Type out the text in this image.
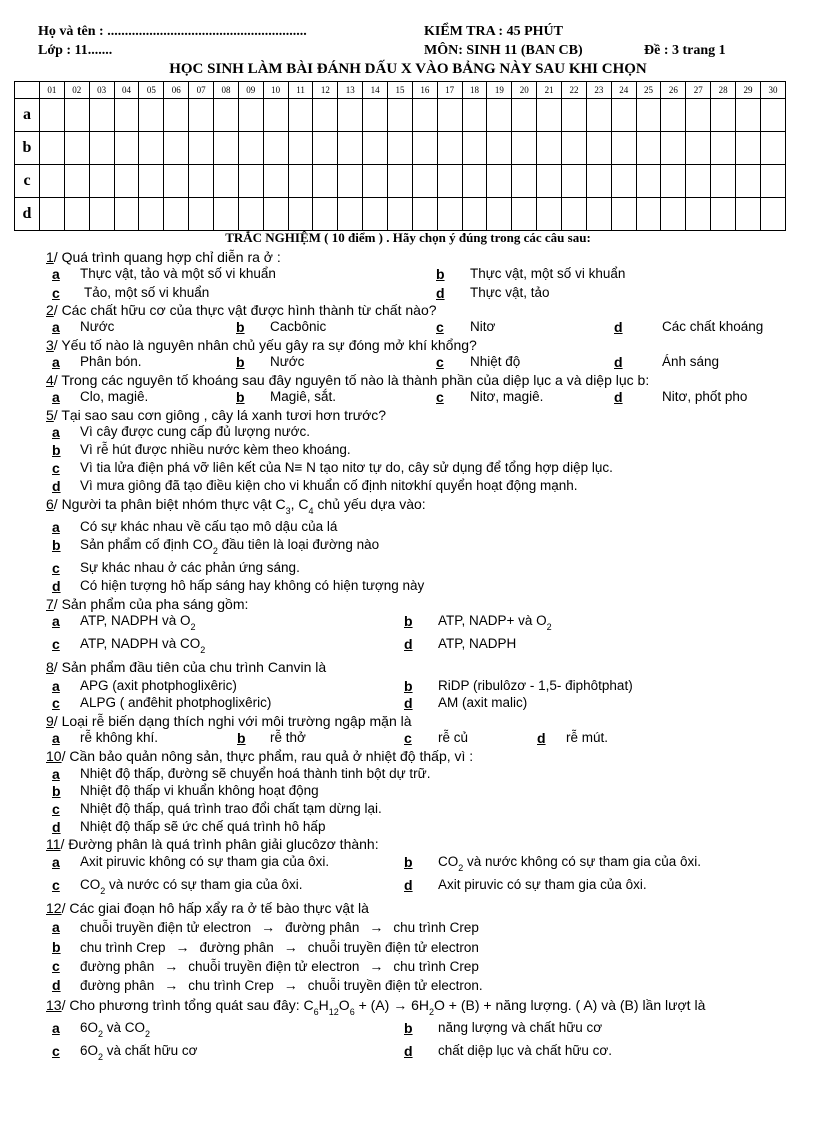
Họ và tên : .........................................................
Lớp : 11.......
KIỂM TRA : 45 PHÚT
MÔN: SINH 11 (BAN CB)	Đề : 3 trang 1
HỌC SINH LÀM BÀI ĐÁNH DẤU X VÀO BẢNG NÀY SAU KHI CHỌN
	01	02	03	04	05	06	07	08	09	10	11	12	13	14	15	16	17	18	19	20	21	22	23	24	25	26	27	28	29	30
a																														
b																														
c																														
d																														
TRẮC NGHIỆM ( 10 điểm ) . Hãy chọn ý đúng trong các câu sau:
1/ Quá trình quang hợp chỉ diễn ra ở :
a Thực vật, tảo và một số vi khuẩn	b Thực vật, một số vi khuẩn
c Tảo, một số vi khuẩn	d Thực vật, tảo
2/ Các chất hữu cơ của thực vật được hình thành từ chất nào?
a Nước	b Cacbônic	c Nitơ	d	Các chất khoáng
3/ Yếu tố nào là nguyên nhân chủ yếu gây ra sự đóng mở khí khổng?
a Phân bón.	b Nước	c Nhiệt độ	d	Ánh sáng
4/ Trong các nguyên tố khoáng sau đây nguyên tố nào là thành phần của diệp lục a và diệp lục b:
a Clo, magiê.	b Magiê, sắt.	c Nitơ, magiê.	d	Nitơ, phốt pho
5/ Tại sao sau cơn giông , cây lá xanh tươi hơn trước?
a Vì cây được cung cấp đủ lượng nước.
b Vì rễ hút được nhiều nước kèm theo khoáng.
c Vì tia lửa điện phá vỡ liên kết của N≡ N tạo nitơ tự do, cây sử dụng để tổng hợp diệp lục.
d Vì mưa giông đã tạo điều kiện cho vi khuẩn cố định nitơkhí quyển hoạt động mạnh.
6/ Người ta phân biệt nhóm thực vật $C_3$, $C_4$ chủ yếu dựa vào:
a Có sự khác nhau về cấu tạo mô dậu của lá
b Sản phẩm cố định $CO_2$ đầu tiên là loại đường nào
c Sự khác nhau ở các phản ứng sáng.
d Có hiện tượng hô hấp sáng hay không có hiện tượng này
7/ Sản phẩm của pha sáng gồm:
a ATP, NADPH và $O_2$	b ATP, NADP+ và $O_2$
c ATP, NADPH và $CO_2$	d ATP, NADPH
8/ Sản phẩm đầu tiên của chu trình Canvin là
a APG (axit photphoglixêric)	b RiDP (ribulôzơ - 1,5- điphôtphat)
c ALPG ( anđêhit photphoglixêric)	d AM (axit malic)
9/ Loại rễ biến dạng thích nghi với môi trường ngập mặn là
a rễ không khí.	b rễ thở	c rễ củ	d rễ mút.
10/ Cần bảo quản nông sản, thực phẩm, rau quả ở nhiệt độ thấp, vì :
a Nhiệt độ thấp, đường sẽ chuyển hoá thành tinh bột dự trữ.
b Nhiệt độ thấp vi khuẩn không hoạt động
c Nhiệt độ thấp, quá trình trao đổi chất tạm dừng lại.
d Nhiệt độ thấp sẽ ức chế quá trình hô hấp
11/ Đường phân là quá trình phân giải glucôzơ thành:
a Axit piruvic không có sự tham gia của ôxi.	b $CO_2$ và nước không có sự tham gia của ôxi.
c $CO_2$ và nước có sự tham gia của ôxi.	d Axit piruvic có sự tham gia của ôxi.
12/ Các giai đoạn hô hấp xẩy ra ở tế bào thực vật là
a chuỗi truyền điện tử electron → đường phân → chu trình Crep
b chu trình Crep → đường phân → chuỗi truyền điện tử electron
c đường phân → chuỗi truyền điện tử electron → chu trình Crep
d đường phân → chu trình Crep → chuỗi truyền điện tử electron.
13/ Cho phương trình tổng quát sau đây: $C_6H_{12}O_6 + (A) \to 6H_2O + (B)$ + năng lượng. ( A) và (B) lần lượt là
a $6O_2$ và $CO_2$	b năng lượng và chất hữu cơ
c $6O_2$ và chất hữu cơ	d chất diệp lục và chất hữu cơ.
